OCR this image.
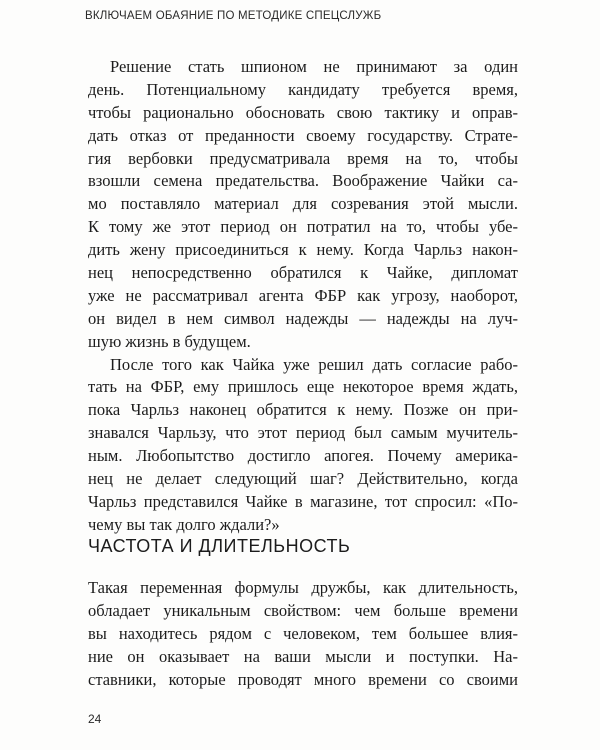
ВКЛЮЧАЕМ ОБАЯНИЕ ПО МЕТОДИКЕ СПЕЦСЛУЖБ
Решение стать шпионом не принимают за один
день. Потенциальному кандидату требуется время,
чтобы рационально обосновать свою тактику и оправ-
дать отказ от преданности своему государству. Страте-
гия вербовки предусматривала время на то, чтобы
взошли семена предательства. Воображение Чайки са-
мо поставляло материал для созревания этой мысли.
К тому же этот период он потратил на то, чтобы убе-
дить жену присоединиться к нему. Когда Чарльз након-
нец непосредственно обратился к Чайке, дипломат
уже не рассматривал агента ФБР как угрозу, наоборот,
он видел в нем символ надежды — надежды на луч-
шую жизнь в будущем.
После того как Чайка уже решил дать согласие рабо-
тать на ФБР, ему пришлось еще некоторое время ждать,
пока Чарльз наконец обратится к нему. Позже он при-
знавался Чарльзу, что этот период был самым мучитель-
ным. Любопытство достигло апогея. Почему америка-
нец не делает следующий шаг? Действительно, когда
Чарльз представился Чайке в магазине, тот спросил: «По-
чему вы так долго ждали?»
ЧАСТОТА И ДЛИТЕЛЬНОСТЬ
Такая переменная формулы дружбы, как длительность,
обладает уникальным свойством: чем больше времени
вы находитесь рядом с человеком, тем большее влия-
ние он оказывает на ваши мысли и поступки. На-
ставники, которые проводят много времени со своими
24
